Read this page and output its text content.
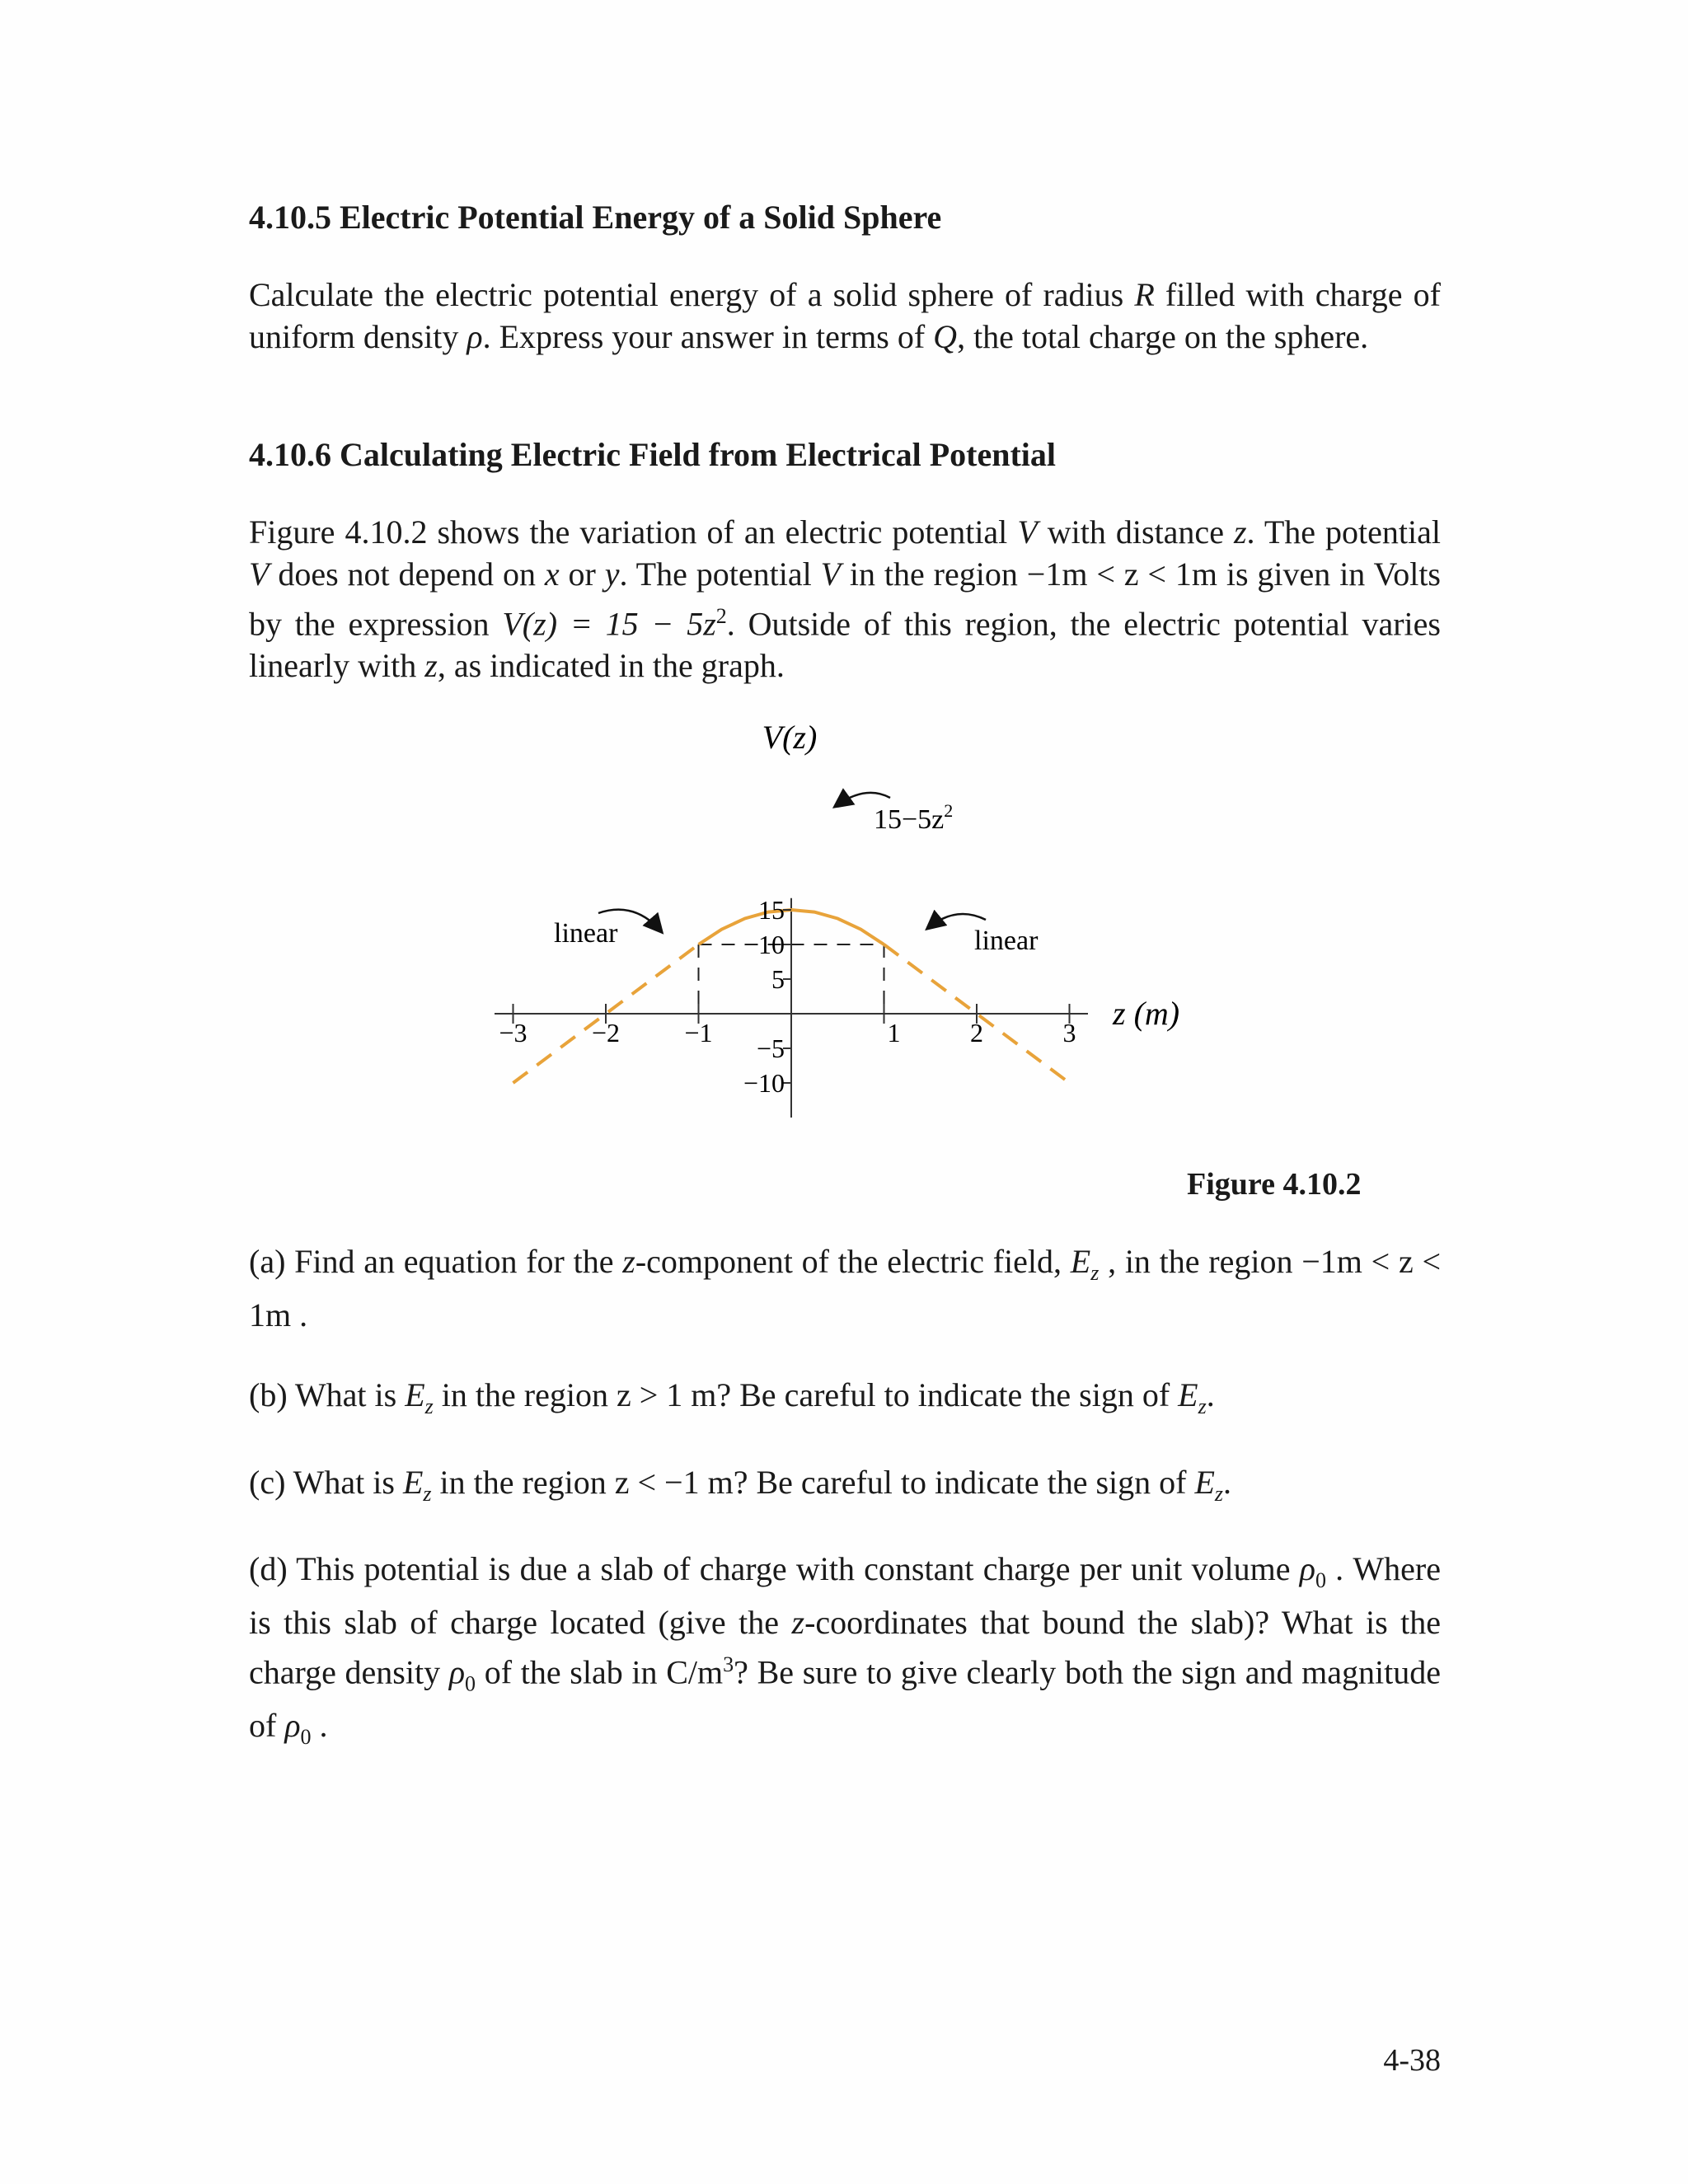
4.10.5 Electric Potential Energy of a Solid Sphere
Calculate the electric potential energy of a solid sphere of radius R filled with charge of uniform density ρ. Express your answer in terms of Q, the total charge on the sphere.
4.10.6 Calculating Electric Field from Electrical Potential
Figure 4.10.2 shows the variation of an electric potential V with distance z. The potential V does not depend on x or y. The potential V in the region −1m < z < 1m is given in Volts by the expression $V(z) = 15 - 5z^2$. Outside of this region, the electric potential varies linearly with z, as indicated in the graph.
V(z)
z (m)
−3 −2 −1	1	2	3
15
10
5
−5
−10
$15-5z^2$
linear	linear
Figure 4.10.2
(a) Find an equation for the z-component of the electric field, $E_z$ , in the region −1m < z < 1m .
(b) What is $E_z$ in the region z > 1 m? Be careful to indicate the sign of $E_z$.
(c) What is $E_z$ in the region z < −1 m? Be careful to indicate the sign of $E_z$.
(d) This potential is due a slab of charge with constant charge per unit volume $\rho_0$ . Where is this slab of charge located (give the z-coordinates that bound the slab)? What is the charge density $\rho_0$ of the slab in $C/m^3$? Be sure to give clearly both the sign and magnitude of $\rho_0$ .
4-38
